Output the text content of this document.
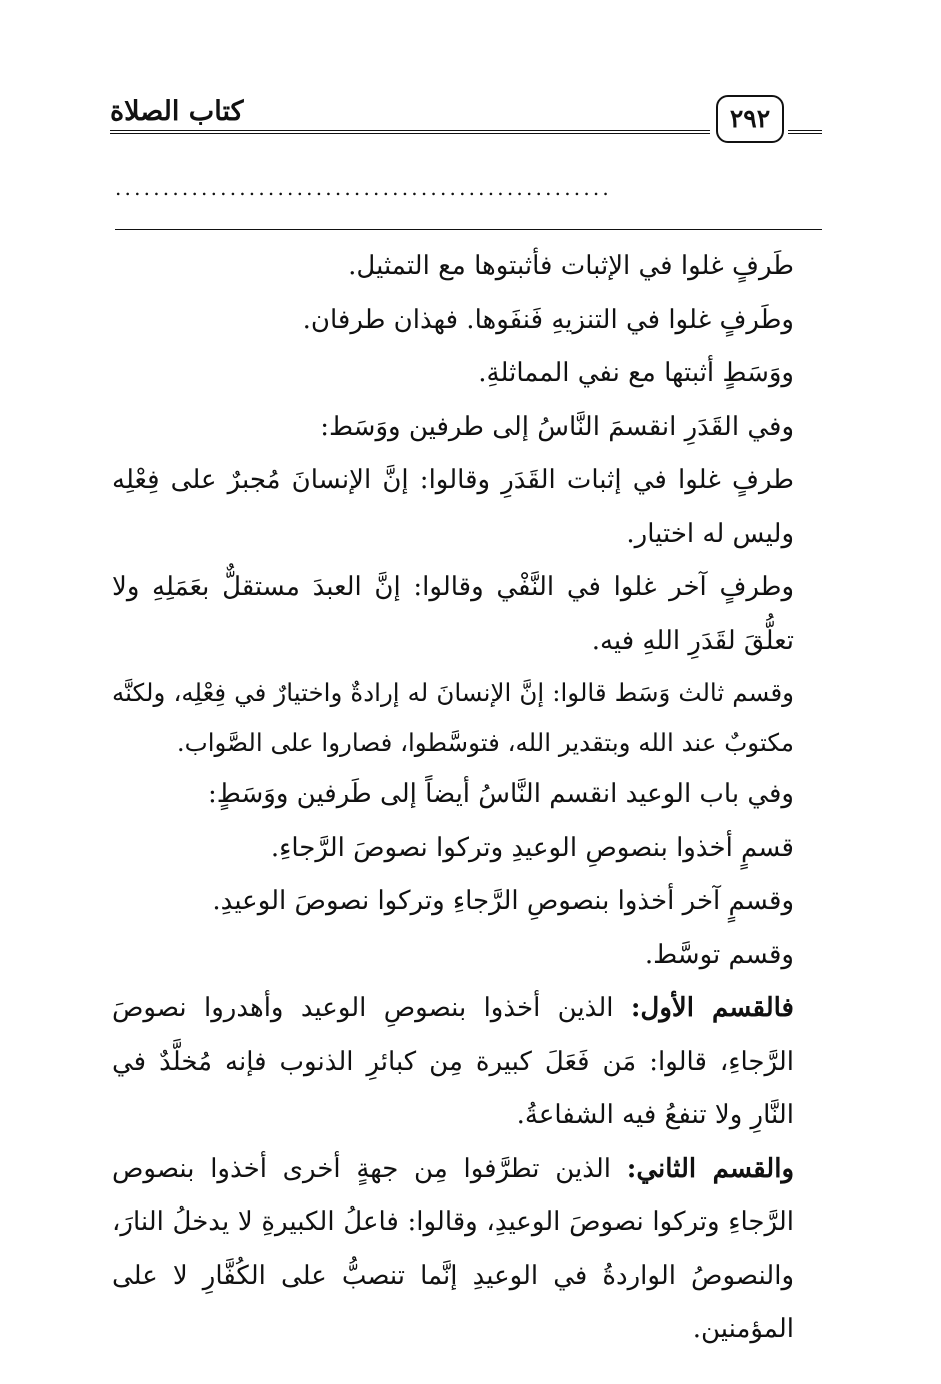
كتاب الصلاة	٢٩٢
....................................................

طَرفٍ غلوا في الإثبات فأثبتوها مع التمثيل.

وطَرفٍ غلوا في التنزيهِ فَنفَوها. فهذان طرفان.

ووَسَطٍ أثبتها مع نفي المماثلةِ.

وفي القَدَرِ انقسمَ النَّاسُ إلى طرفين ووَسَط:

طرفٍ غلوا في إثبات القَدَرِ وقالوا: إنَّ الإنسانَ مُجبرٌ على فِعْلِه وليس له اختيار.

وطرفٍ آخر غلوا في النَّفْي وقالوا: إنَّ العبدَ مستقلٌّ بعَمَلِهِ ولا تعلُّقَ لقَدَرِ اللهِ فيه.

وقسم ثالث وَسَط قالوا: إنَّ الإنسانَ له إرادةٌ واختيارٌ في فِعْلِه، ولكنَّه مكتوبٌ عند الله وبتقدير الله، فتوسَّطوا، فصاروا على الصَّواب.

وفي باب الوعيد انقسم النَّاسُ أيضاً إلى طَرفين ووَسَطٍ:

قسمٍ أخذوا بنصوصِ الوعيدِ وتركوا نصوصَ الرَّجاءِ.

وقسمٍ آخر أخذوا بنصوصِ الرَّجاءِ وتركوا نصوصَ الوعيدِ.

وقسم توسَّط.

فالقسم الأول: الذين أخذوا بنصوصِ الوعيد وأهدروا نصوصَ الرَّجاءِ، قالوا: مَن فَعَلَ كبيرة مِن كبائرِ الذنوب فإنه مُخلَّدٌ في النَّارِ ولا تنفعُ فيه الشفاعةُ.

والقسم الثاني: الذين تطرَّفوا مِن جهةٍ أخرى أخذوا بنصوص الرَّجاءِ وتركوا نصوصَ الوعيدِ، وقالوا: فاعلُ الكبيرةِ لا يدخلُ النارَ، والنصوصُ الواردةُ في الوعيدِ إنَّما تنصبُّ على الكُفَّارِ لا على المؤمنين.
